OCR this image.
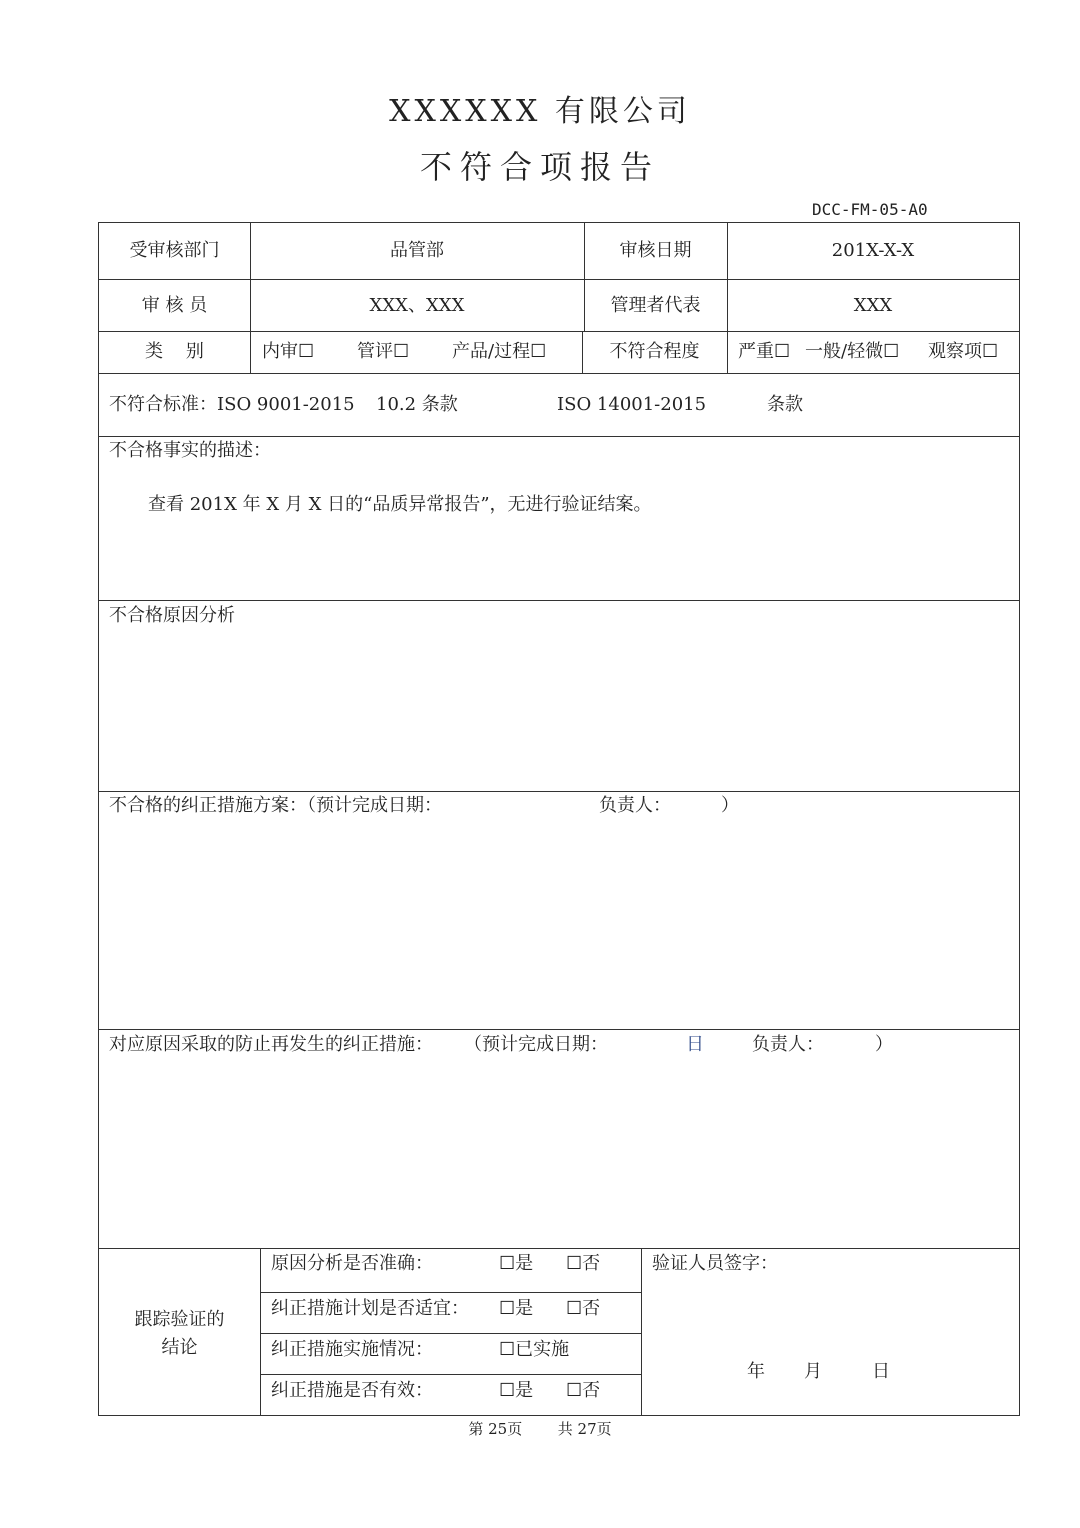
XXXXXX 有限公司
不符合项报告
DCC-FM-05-A0
受审核部门	品管部	审核日期	201X-X-X
审 核 员	XXX、XXX	管理者代表	XXX
类    别	内审☐ 管评☐ 产品/过程☐	不符合程度	严重☐ 一般/轻微☐ 观察项☐
不符合标准：ISO 9001-2015 10.2 条款	ISO 14001-2015	条款
不合格事实的描述：
查看 201X 年 X 月 X 日的“品质异常报告”，无进行验证结案。
不合格原因分析
不合格的纠正措施方案：（预计完成日期：	负责人：	）
对应原因采取的防止再发生的纠正措施： （预计完成日期：	日	负责人：	）
跟踪验证的
结论
原因分析是否准确：	☐是 ☐否
纠正措施计划是否适宜： ☐是 ☐否
纠正措施实施情况：	☐已实施
纠正措施是否有效：	☐是 ☐否
验证人员签字：
年 月	日
第 25页 共 27页
